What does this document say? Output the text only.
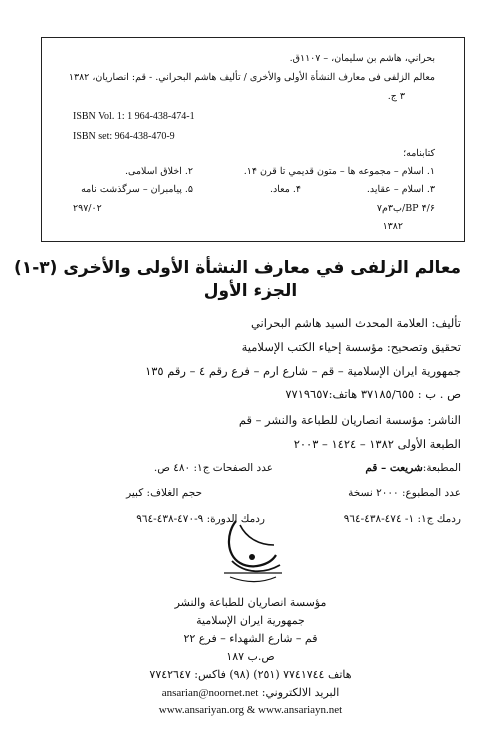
بحراني، هاشم بن سليمان، – ۱۱۰۷ق.
معالم الزلفى فى معارف النشأة الأولى والأخرى / تأليف هاشم البحراني. - قم: انصاريان، ۱۳۸۲
۳ ج.
ISBN Vol. 1: 1 964-438-474-1
ISBN set: 964-438-470-9
كتابنامه؛
۱. اسلام – مجموعه ها – متون قديمي تا قرن ۱۴.
۲. اخلاق اسلامى.
۳. اسلام – عقايد.
۴. معاد.
۵. پيامبران – سرگذشت نامه
BP ۴/۶/ب۳م۷
۲۹۷/۰۲
۱۳۸۲
معالم الزلفى في معارف النشأة الأولى والأخرى (۳-۱)
الجزء الأول
تأليف: العلامة المحدث السيد هاشم البحراني
تحقيق وتصحيح: مؤسسة إحياء الكتب الإسلامية
جمهورية ايران الإسلامية – قم – شارع ارم – فرع رقم ٤ – رقم ١٣٥
ص . ب : ٣٧١٨٥/٦٥٥ هاتف:٧٧١٩٦٥٧
الناشر: مؤسسة انصاريان للطباعة والنشر – قم
الطبعة الأولى ١٣٨٢ – ١٤٢٤ – ٢٠٠٣
المطبعة:شريعت – قم
عدد الصفحات ج١: ٤٨٠ ص.
عدد المطبوع: ٢٠٠٠ نسخة
حجم الغلاف: كبير
ردمك ج١: ١- ٤٧٤-٤٣٨-٩٦٤
ردمك الدورة: ٩-٤٧٠-٤٣٨-٩٦٤
مؤسسة انصاريان للطباعة والنشر
جمهورية ايران الإسلامية
قم – شارع الشهداء – فرع ٢٢
ص.ب ١٨٧
هاتف ٧٧٤١٧٤٤ (٢٥١) (٩٨) فاكس: ٧٧٤٢٦٤٧
البريد الالكتروني: ansarian@noornet.net
www.ansariyan.org & www.ansariayn.net
